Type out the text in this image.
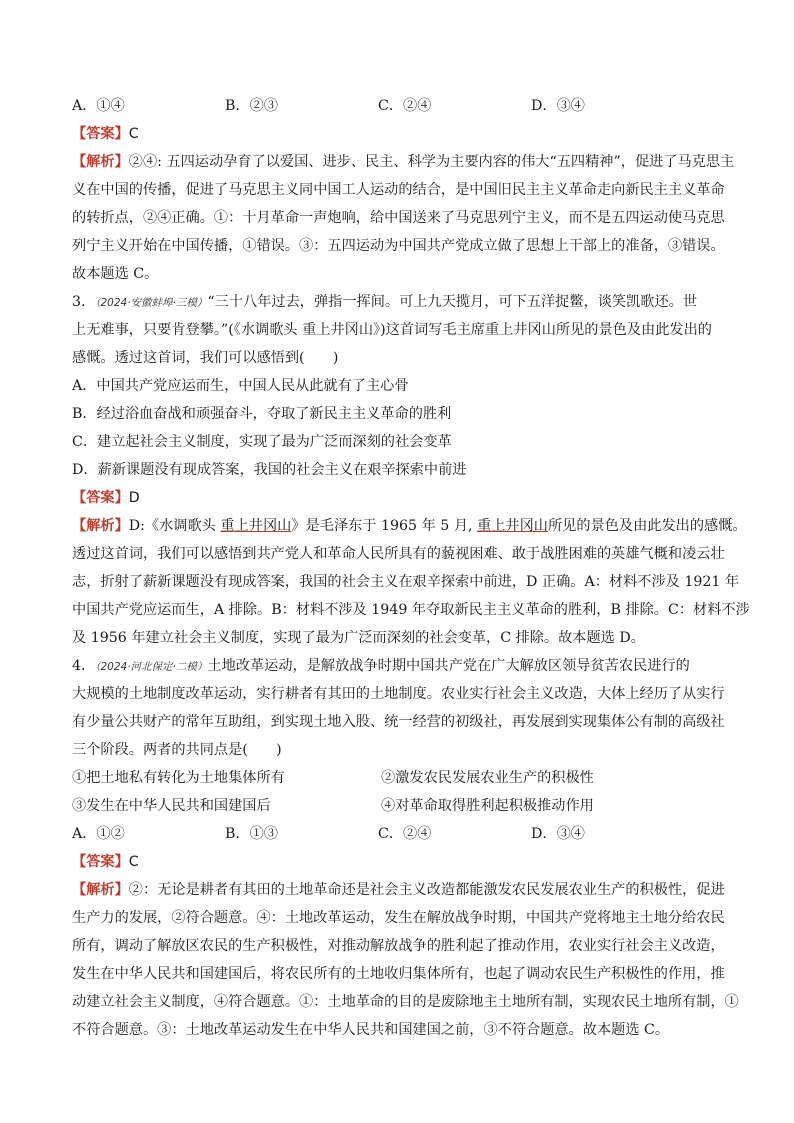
A．①④	B．②③	C．②④	D．③④
【答案】C
【解析】②④: 五四运动孕育了以爱国、进步、民主、科学为主要内容的伟大“五四精神”，促进了马克思主
义在中国的传播，促进了马克思主义同中国工人运动的结合，是中国旧民主主义革命走向新民主主义革命
的转折点，②④正确。①：十月革命一声炮响，给中国送来了马克思列宁主义，而不是五四运动使马克思
列宁主义开始在中国传播，①错误。③：五四运动为中国共产党成立做了思想上干部上的准备，③错误。
故本题选 C。
3．（2024·安徽蚌埠·三模）“三十八年过去，弹指一挥间。可上九天揽月，可下五洋捉鳖，谈笑凯歌还。世
上无难事，只要肯登攀。”(《水调歌头 重上井冈山》)这首词写毛主席重上井冈山所见的景色及由此发出的
感慨。透过这首词，我们可以感悟到(　　)
A．中国共产党应运而生，中国人民从此就有了主心骨
B．经过浴血奋战和顽强奋斗，夺取了新民主主义革命的胜利
C．建立起社会主义制度，实现了最为广泛而深刻的社会变革
D．薪新课题没有现成答案，我国的社会主义在艰辛探索中前进
【答案】D
【解析】D:《水调歌头 重上井冈山》是毛泽东于 1965 年 5 月, 重上井冈山所见的景色及由此发出的感慨。
透过这首词，我们可以感悟到共产党人和革命人民所具有的藐视困难、敢于战胜困难的英雄气概和凌云壮
志，折射了薪新课题没有现成答案，我国的社会主义在艰辛探索中前进，D 正确。A：材料不涉及 1921 年
中国共产党应运而生，A 排除。B：材料不涉及 1949 年夺取新民主主义革命的胜利，B 排除。C：材料不涉
及 1956 年建立社会主义制度，实现了最为广泛而深刻的社会变革，C 排除。故本题选 D。
4．（2024·河北保定·二模）土地改革运动，是解放战争时期中国共产党在广大解放区领导贫苦农民进行的
大规模的土地制度改革运动，实行耕者有其田的土地制度。农业实行社会主义改造，大体上经历了从实行
有少量公共财产的常年互助组，到实现土地入股、统一经营的初级社，再发展到实现集体公有制的高级社
三个阶段。两者的共同点是(　　)
①把土地私有转化为土地集体所有	②激发农民发展农业生产的积极性
③发生在中华人民共和国建国后	④对革命取得胜利起积极推动作用
A．①②	B．①③	C．②④	D．③④
【答案】C
【解析】②：无论是耕者有其田的土地革命还是社会主义改造都能激发农民发展农业生产的积极性，促进
生产力的发展，②符合题意。④：土地改革运动，发生在解放战争时期，中国共产党将地主土地分给农民
所有，调动了解放区农民的生产积极性，对推动解放战争的胜利起了推动作用，农业实行社会主义改造，
发生在中华人民共和国建国后，将农民所有的土地收归集体所有，也起了调动农民生产积极性的作用，推
动建立社会主义制度，④符合题意。①：土地革命的目的是废除地主土地所有制，实现农民土地所有制，①
不符合题意。③：土地改革运动发生在中华人民共和国建国之前，③不符合题意。故本题选 C。
